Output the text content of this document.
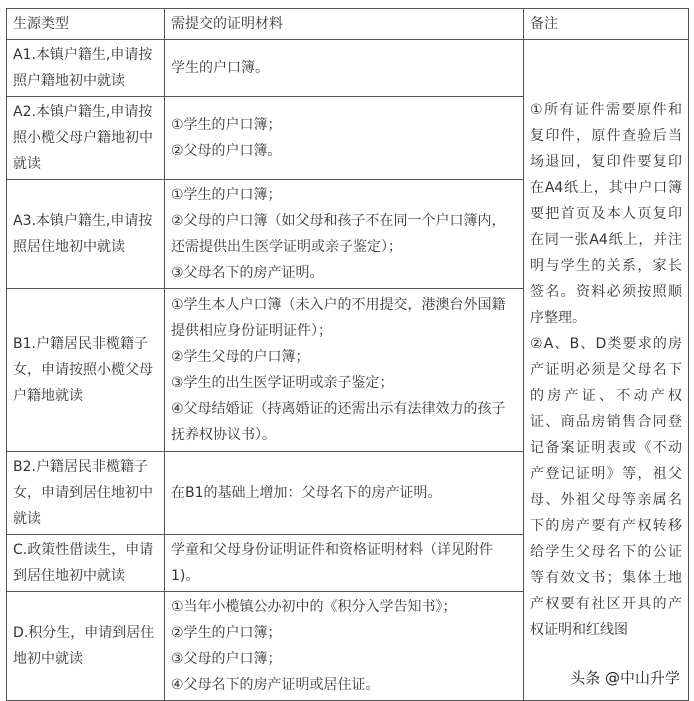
生源类型	需提交的证明材料	备注
A1.本镇户籍生,申请按照户籍地初中就读	学生的户口簿。	①所有证件需要原件和复印件，原件查验后当场退回，复印件要复印在A4纸上，其中户口簿要把首页及本人页复印在同一张A4纸上，并注明与学生的关系，家长签名。资料必须按照顺序整理。
②A、B、D类要求的房产证明必须是父母名下的房产证、不动产权证、商品房销售合同登记备案证明表或《不动产登记证明》等，祖父母、外祖父母等亲属名下的房产要有产权转移给学生父母名下的公证等有效文书；集体土地产权要有社区开具的产权证明和红线图

A2.本镇户籍生,申请按照小榄父母户籍地初中就读	①学生的户口簿；
②父母的户口簿。	

A3.本镇户籍生,申请按照居住地初中就读	①学生的户口簿；
②父母的户口簿（如父母和孩子不在同一个户口簿内，还需提供出生医学证明或亲子鉴定）；
③父母名下的房产证明。	

B1.户籍居民非榄籍子女，申请按照小榄父母户籍地就读	①学生本人户口簿（未入户的不用提交，港澳台外国籍提供相应身份证明证件）；
②学生父母的户口簿；
③学生的出生医学证明或亲子鉴定；
④父母结婚证（持离婚证的还需出示有法律效力的孩子抚养权协议书）。	

B2.户籍居民非榄籍子女，申请到居住地初中就读	在B1的基础上增加：父母名下的房产证明。	

C.政策性借读生，申请到居住地初中就读	学童和父母身份证明证件和资格证明材料（详见附件1)。	

D.积分生，申请到居住地初中就读	①当年小榄镇公办初中的《积分入学告知书》；
②学生的户口簿；
③父母的户口簿；
④父母名下的房产证明或居住证。		头条 @中山升学
